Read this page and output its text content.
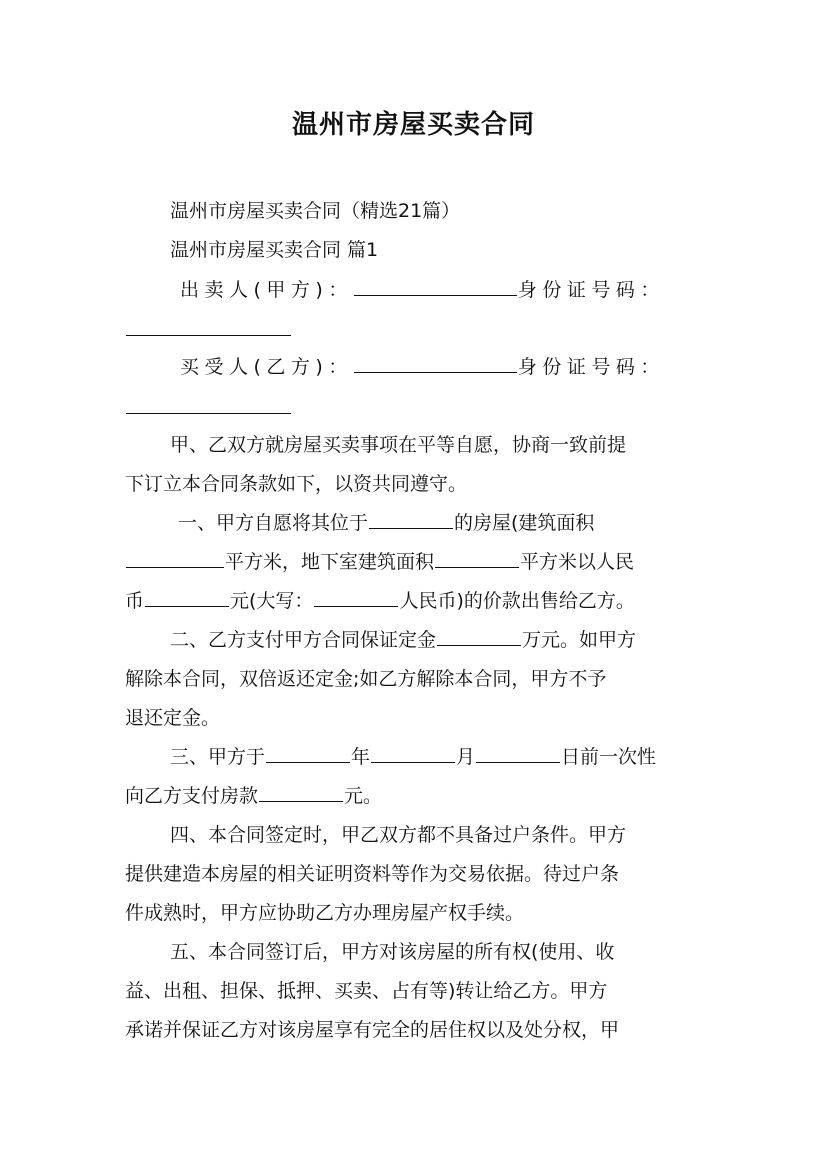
温州市房屋买卖合同
温州市房屋买卖合同（精选21篇）
温州市房屋买卖合同 篇1
出卖人(甲方)：	身份证号码：
买受人(乙方)：	身份证号码：
甲、乙双方就房屋买卖事项在平等自愿，协商一致前提
下订立本合同条款如下，以资共同遵守。
一、甲方自愿将其位于	的房屋(建筑面积
平方米，地下室建筑面积	平方米以人民
币	元(大写：	人民币)的价款出售给乙方。
二、乙方支付甲方合同保证定金	万元。如甲方
解除本合同，双倍返还定金;如乙方解除本合同，甲方不予
退还定金。
三、甲方于	年	月	日前一次性
向乙方支付房款	元。
四、本合同签定时，甲乙双方都不具备过户条件。甲方
提供建造本房屋的相关证明资料等作为交易依据。待过户条
件成熟时，甲方应协助乙方办理房屋产权手续。
五、本合同签订后，甲方对该房屋的所有权(使用、收
益、出租、担保、抵押、买卖、占有等)转让给乙方。甲方
承诺并保证乙方对该房屋享有完全的居住权以及处分权，甲
